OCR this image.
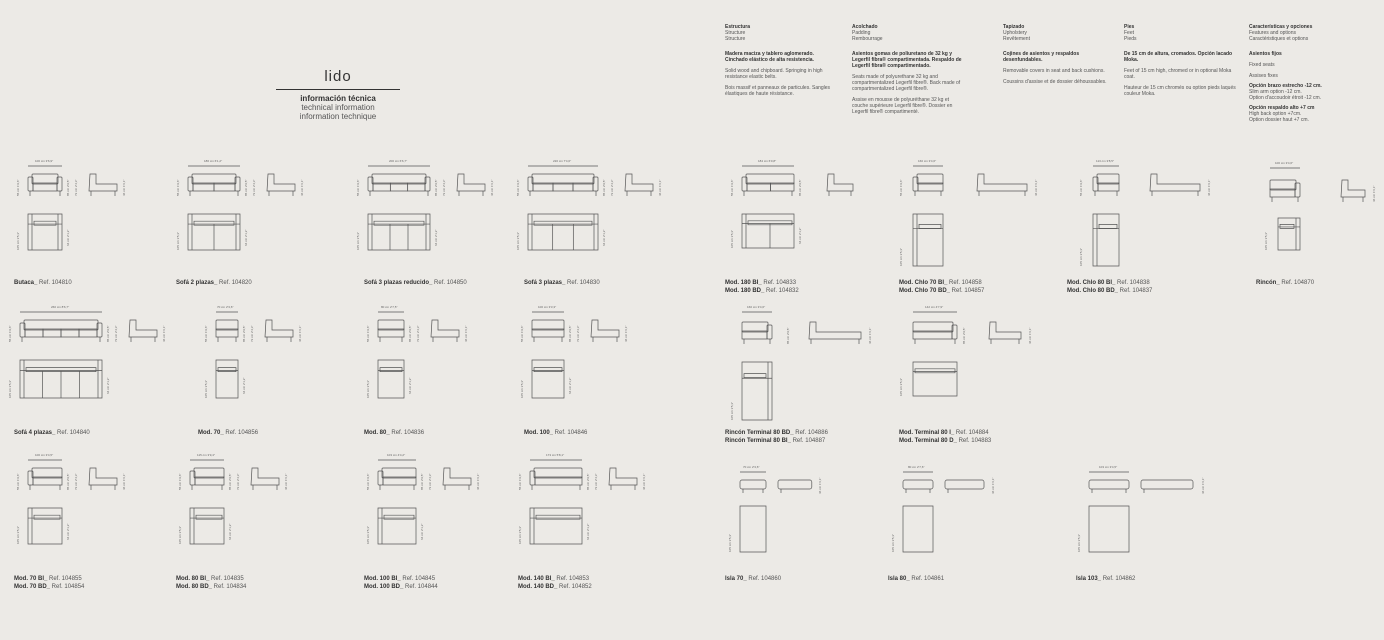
lido
información técnica
technical information
information technique
Estructura
Structure
Structure
Madera maciza y tablero aglomerado. Cinchado elástico de alta resistencia.

Solid wood and chipboard. Springing in high resistance elastic belts.

Bois massif et panneaux de particules. Sangles élastiques de haute résistance.

Acolchado
Padding
Rembourrage
Asientos gomas de poliuretano de 32 kg y Legerfil fibra® compartimentada. Respaldo de Legerfil fibra® compartimentado.

Seats made of polyurethane 32 kg and compartmentalized Legerfil fibre®. Back made of compartmentalized Legerfil fibre®.

Assise en mousse de polyuréthane 32 kg et couche supérieure Legerfil fibre®. Dossier en Legerfil fibre® compartimenté.

Tapizado
Upholstery
Revêtement
Cojines de asientos y respaldos desenfundables.

Removable covers in seat and back cushions.

Coussins d'assise et de dossier déhoussables.

Pies
Feet
Pieds
De 15 cm de altura, cromados. Opción lacado Moka.

Feet of 15 cm high, chromed or in optional Moka coat.

Hauteur de 15 cm chromés ou option pieds laqués couleur Moka.

Características y opciones
Features and options
Caractéristiques et options
Asientos fijos

Fixed seats

Assises fixes

Opción brazo estrecho -12 cm.

Slim arm option -12 cm.

Option d'accoudoir étroit -12 cm.

Opción respaldo alto +7 cm

High back option +7cm.

Option dossier haut +7 cm.

100 cm 3'6,9"
55 cm 1'9,6"	85 cm 2'9,5" 72 cm 2'4,3"	46 cm 1'6,1"
105 cm 3'5,3"	64 cm 2'1,2"
186 cm 6'1,2"
55 cm 1'9,6"	85 cm 2'9,5" 72 cm 2'4,3"	46 cm 1'6,1"
105 cm 3'5,3"	64 cm 2'1,2"
200 cm 6'6,7"
55 cm 1'9,6"	85 cm 2'9,5" 72 cm 2'4,3"	46 cm 1'6,1"
105 cm 3'5,3"	64 cm 2'1,2"
220 cm 7'4,6"
55 cm 1'9,6"	85 cm 2'9,5" 72 cm 2'4,3"	46 cm 1'6,1"
105 cm 3'5,3"	64 cm 2'1,2"
260 cm 8'6,7"
55 cm 1'9,6"	85 cm 2'9,5" 72 cm 2'4,3"	46 cm 1'6,1"
105 cm 3'5,3"	64 cm 2'1,2"
70 cm 2'3,6"
55 cm 1'9,6"	85 cm 2'9,5" 72 cm 2'4,3"	46 cm 1'6,1"
105 cm 3'5,3"	64 cm 2'1,2"
80 cm 2'7,5"
55 cm 1'9,6"	85 cm 2'9,5" 72 cm 2'4,3"	46 cm 1'6,1"
105 cm 3'5,3"	64 cm 2'1,2"
100 cm 3'3,3"
55 cm 1'9,6"	85 cm 2'9,5" 72 cm 2'4,3"	46 cm 1'6,1"
105 cm 3'5,3"	64 cm 2'1,2"
100 cm 3'4,5"
55 cm 1'9,6"	85 cm 2'9,5" 72 cm 2'4,3"	46 cm 1'6,1"
105 cm 3'5,3"	64 cm 2'1,2"
115 cm 3'9,4"
55 cm 1'9,6"	85 cm 2'9,5" 72 cm 2'4,3"	46 cm 1'6,1"
105 cm 3'5,3"	64 cm 2'1,2"
103 cm 4'4,2"
55 cm 1'9,6"	85 cm 2'9,5" 72 cm 2'4,3"	46 cm 1'6,1"
105 cm 3'5,3"	64 cm 2'1,2"
173 cm 5'8,1"
55 cm 1'9,6"	85 cm 2'9,5" 72 cm 2'4,3"	46 cm 1'6,1"
105 cm 3'5,3"	64 cm 2'1,2"
184 cm 6'0,8"
55 cm 1'9,6"	85 cm 2'9,5"
105 cm 3'5,3"	64 cm 2'1,2"
160 cm 3'4,6"
55 cm 1'9,6"	46 cm 1'6,1"
105 cm 3'5,3"
113 cm 3'8,5"
55 cm 1'9,6"	46 cm 1'6,1"
105 cm 3'5,3"
100 cm 3'4,6"
46 cm 1'6,1"
105 cm 3'5,3"
160 cm 3'4,6"
85 cm 2'9,5"	46 cm 1'6,1"
105 cm 3'5,3"
142 cm 4'7,9"
85 cm 2'9,5"	46 cm 1'6,1"
105 cm 3'5,3"
70 cm 2'3,6"
46 cm 1'6,1"
105 cm 3'5,3"
80 cm 2'7,6"
46 cm 1'6,1"
105 cm 3'5,3"
103 cm 3'4,5"
46 cm 1'6,1"
105 cm 3'5,3"
Butaca_ Ref. 104810	Sofá 2 plazas_ Ref. 104820	Sofá 3 plazas reducido_ Ref. 104850	Sofá 3 plazas_ Ref. 104830	Mod. 180 BI_ Ref. 104833
Mod. 180 BD_ Ref. 104832
Mod. Chlo 70 BI_ Ref. 104858
Mod. Chlo 70 BD_ Ref. 104857
Mod. Chlo 80 BI_ Ref. 104838
Mod. Chlo 80 BD_ Ref. 104837
Rincón_ Ref. 104870
Sofá 4 plazas_ Ref. 104840	Mod. 70_ Ref. 104856	Mod. 80_ Ref. 104836	Mod. 100_ Ref. 104846	Rincón Terminal 80 BD_ Ref. 104886
Rincón Terminal 80 BI_ Ref. 104887
Mod. Terminal 80 I_ Ref. 104884
Mod. Terminal 80 D_ Ref. 104883
Mod. 70 BI_ Ref. 104855
Mod. 70 BD_ Ref. 104854
Mod. 80 BI_ Ref. 104835
Mod. 80 BD_ Ref. 104834
Mod. 100 BI_ Ref. 104845
Mod. 100 BD_ Ref. 104844
Mod. 140 BI_ Ref. 104853
Mod. 140 BD_ Ref. 104852
Isla 70_ Ref. 104860	Isla 80_ Ref. 104861	Isla 103_ Ref. 104862
